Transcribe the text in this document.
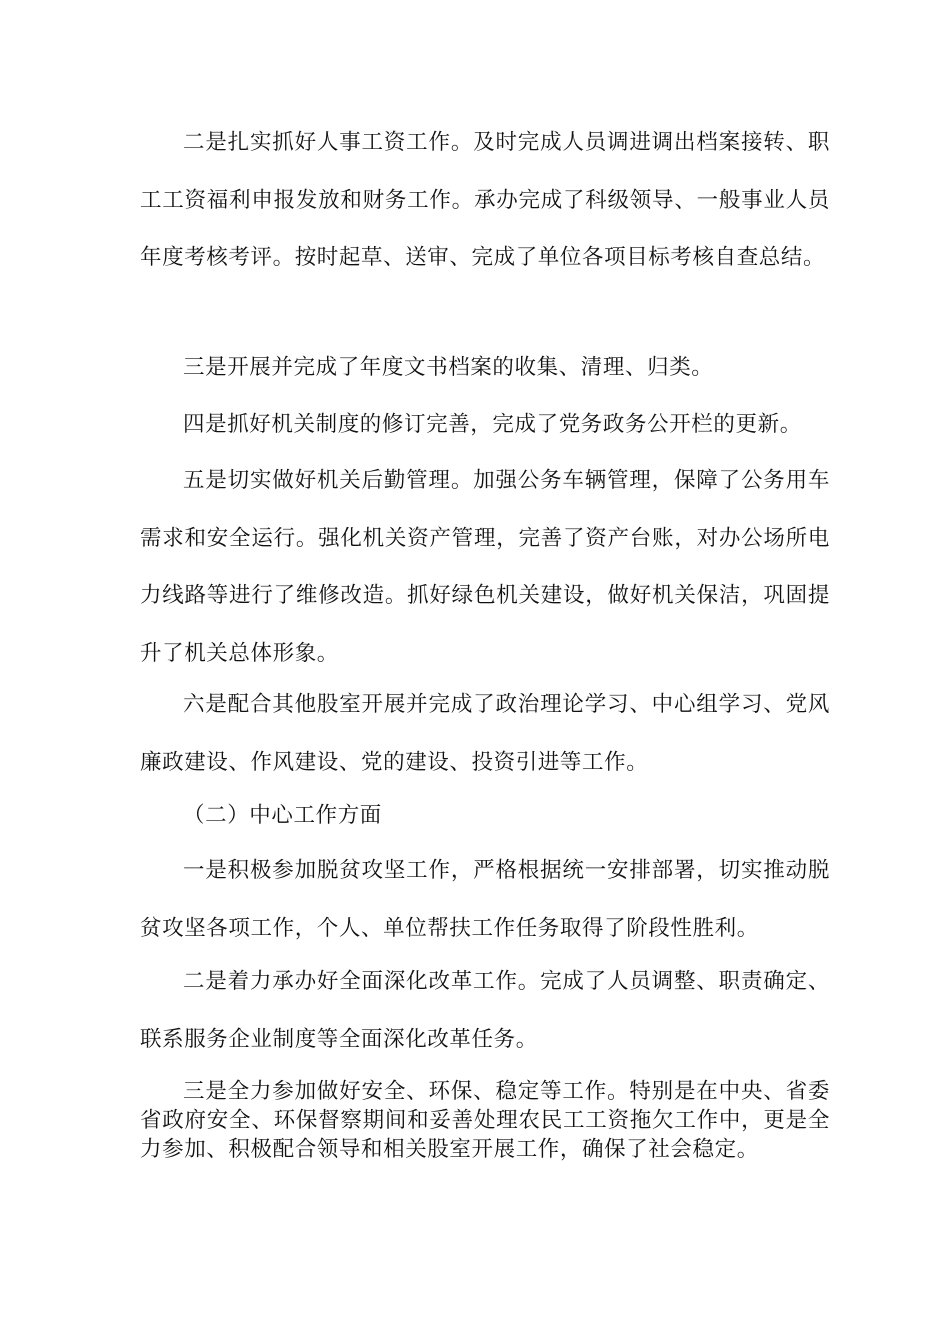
二是扎实抓好人事工资工作。及时完成人员调进调出档案接转、职工工资福利申报发放和财务工作。承办完成了科级领导、一般事业人员年度考核考评。按时起草、送审、完成了单位各项目标考核自查总结。

三是开展并完成了年度文书档案的收集、清理、归类。

四是抓好机关制度的修订完善，完成了党务政务公开栏的更新。

五是切实做好机关后勤管理。加强公务车辆管理，保障了公务用车需求和安全运行。强化机关资产管理，完善了资产台账，对办公场所电力线路等进行了维修改造。抓好绿色机关建设，做好机关保洁，巩固提升了机关总体形象。

六是配合其他股室开展并完成了政治理论学习、中心组学习、党风廉政建设、作风建设、党的建设、投资引进等工作。

（二）中心工作方面

一是积极参加脱贫攻坚工作，严格根据统一安排部署，切实推动脱贫攻坚各项工作，个人、单位帮扶工作任务取得了阶段性胜利。

二是着力承办好全面深化改革工作。完成了人员调整、职责确定、联系服务企业制度等全面深化改革任务。

三是全力参加做好安全、环保、稳定等工作。特别是在中央、省委省政府安全、环保督察期间和妥善处理农民工工资拖欠工作中，更是全力参加、积极配合领导和相关股室开展工作，确保了社会稳定。
